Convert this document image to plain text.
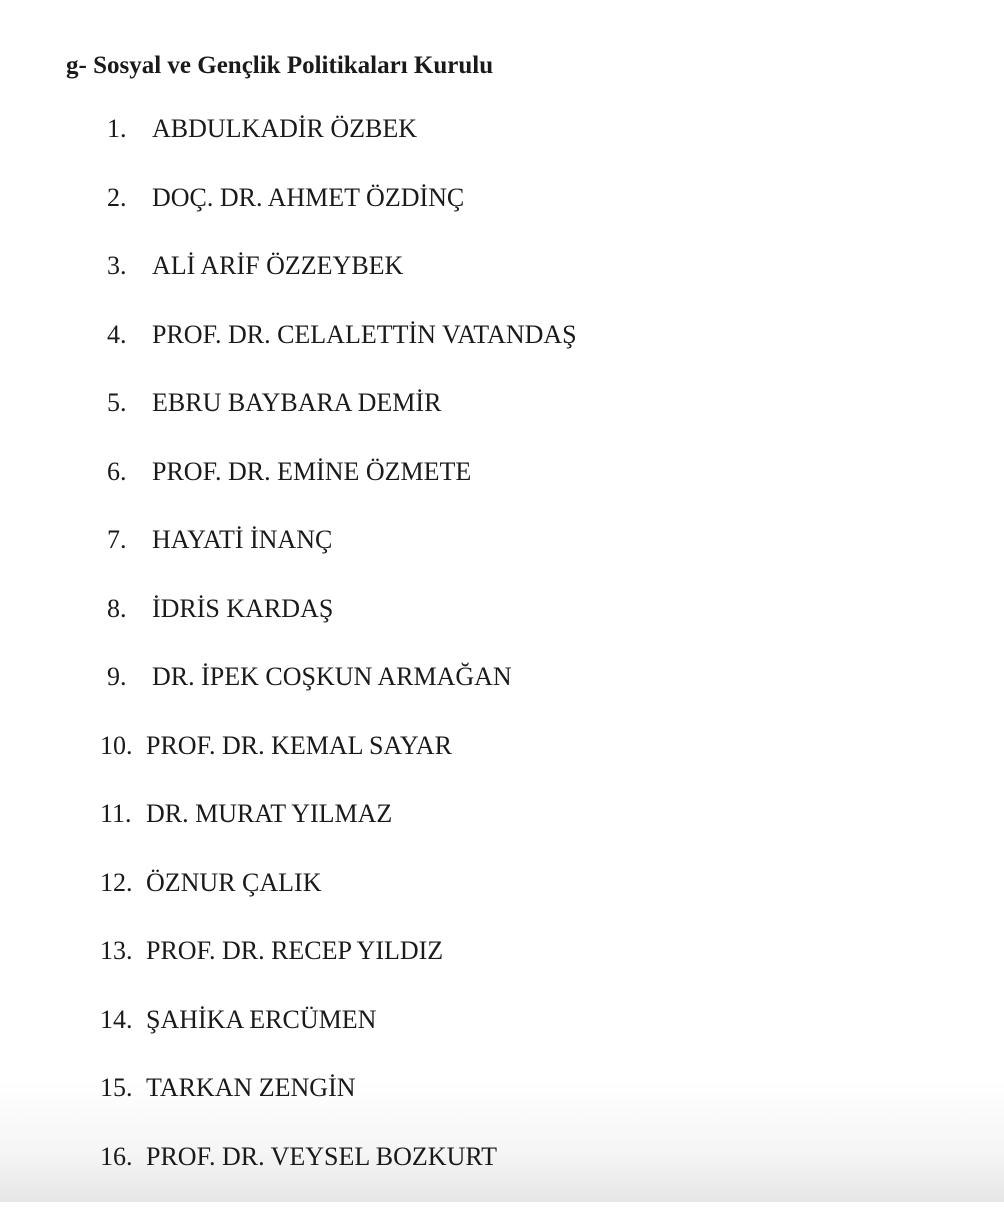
g- Sosyal ve Gençlik Politikaları Kurulu
1. ABDULKADİR ÖZBEK
2. DOÇ. DR. AHMET ÖZDİNÇ
3. ALİ ARİF ÖZZEYBEK
4. PROF. DR. CELALETTİN VATANDAŞ
5. EBRU BAYBARA DEMİR
6. PROF. DR. EMİNE ÖZMETE
7. HAYATİ İNANÇ
8. İDRİS KARDAŞ
9. DR. İPEK COŞKUN ARMAĞAN
10. PROF. DR. KEMAL SAYAR
11. DR. MURAT YILMAZ
12. ÖZNUR ÇALIK
13. PROF. DR. RECEP YILDIZ
14. ŞAHİKA ERCÜMEN
15. TARKAN ZENGİN
16. PROF. DR. VEYSEL BOZKURT
